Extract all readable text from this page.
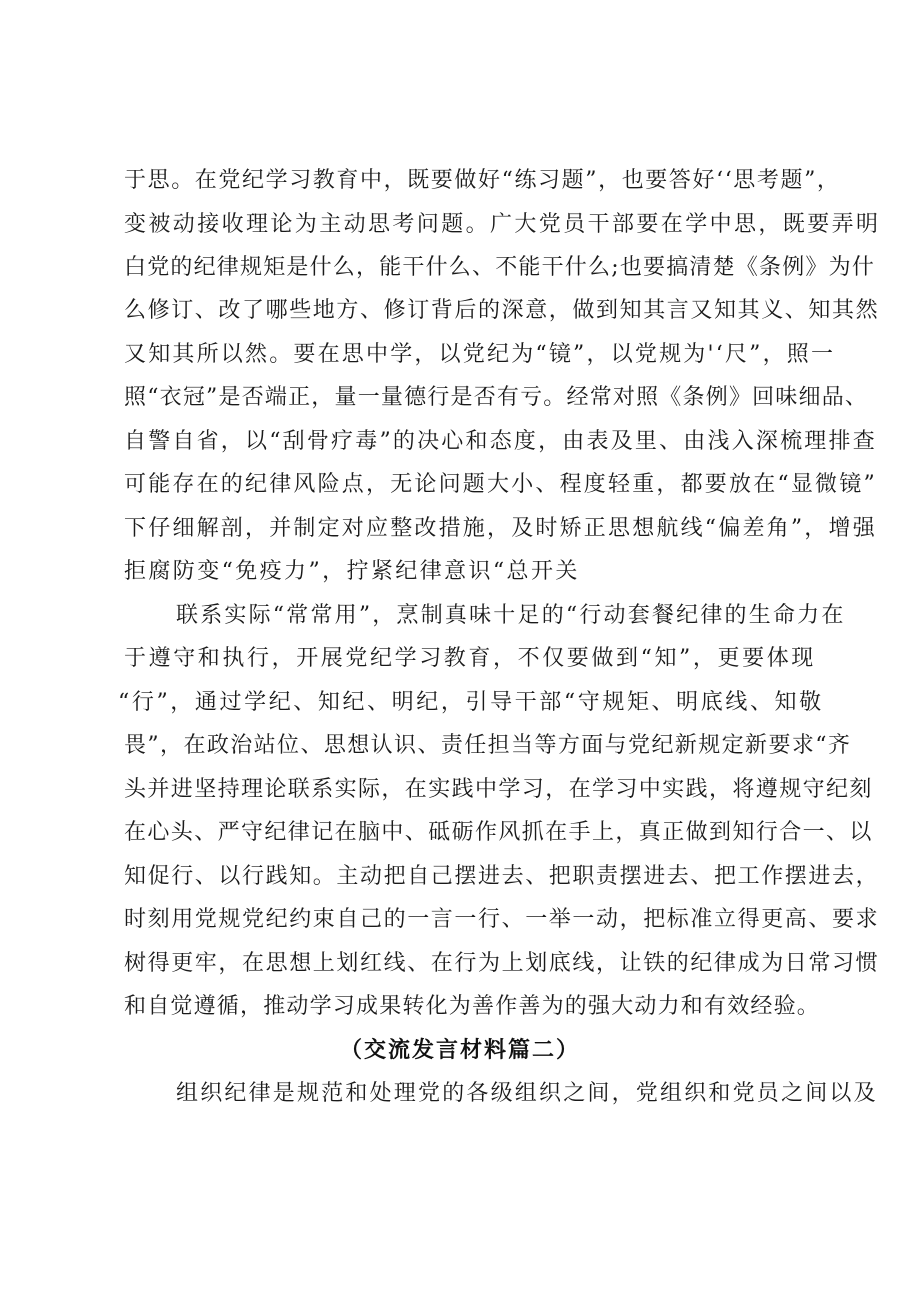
于思。在党纪学习教育中，既要做好“练习题”，也要答好‘‘思考题”，
变被动接收理论为主动思考问题。广大党员干部要在学中思，既要弄明
白党的纪律规矩是什么，能干什么、不能干什么;也要搞清楚《条例》为什
么修订、改了哪些地方、修订背后的深意，做到知其言又知其义、知其然
又知其所以然。要在思中学，以党纪为“镜”，以党规为'‘尺”，照一
照“衣冠”是否端正，量一量德行是否有亏。经常对照《条例》回味细品、
自警自省，以“刮骨疗毒”的决心和态度，由表及里、由浅入深梳理排查
可能存在的纪律风险点，无论问题大小、程度轻重，都要放在“显微镜”
下仔细解剖，并制定对应整改措施，及时矫正思想航线“偏差角”，增强
拒腐防变“免疫力”，拧紧纪律意识“总开关
联系实际“常常用”，烹制真味十足的“行动套餐纪律的生命力在
于遵守和执行，开展党纪学习教育，不仅要做到“知”，更要体现
“行”，通过学纪、知纪、明纪，引导干部“守规矩、明底线、知敬
畏”，在政治站位、思想认识、责任担当等方面与党纪新规定新要求“齐
头并进坚持理论联系实际，在实践中学习，在学习中实践，将遵规守纪刻
在心头、严守纪律记在脑中、砥砺作风抓在手上，真正做到知行合一、以
知促行、以行践知。主动把自己摆进去、把职责摆进去、把工作摆进去，
时刻用党规党纪约束自己的一言一行、一举一动，把标准立得更高、要求
树得更牢，在思想上划红线、在行为上划底线，让铁的纪律成为日常习惯
和自觉遵循，推动学习成果转化为善作善为的强大动力和有效经验。
（交流发言材料篇二）
组织纪律是规范和处理党的各级组织之间，党组织和党员之间以及
